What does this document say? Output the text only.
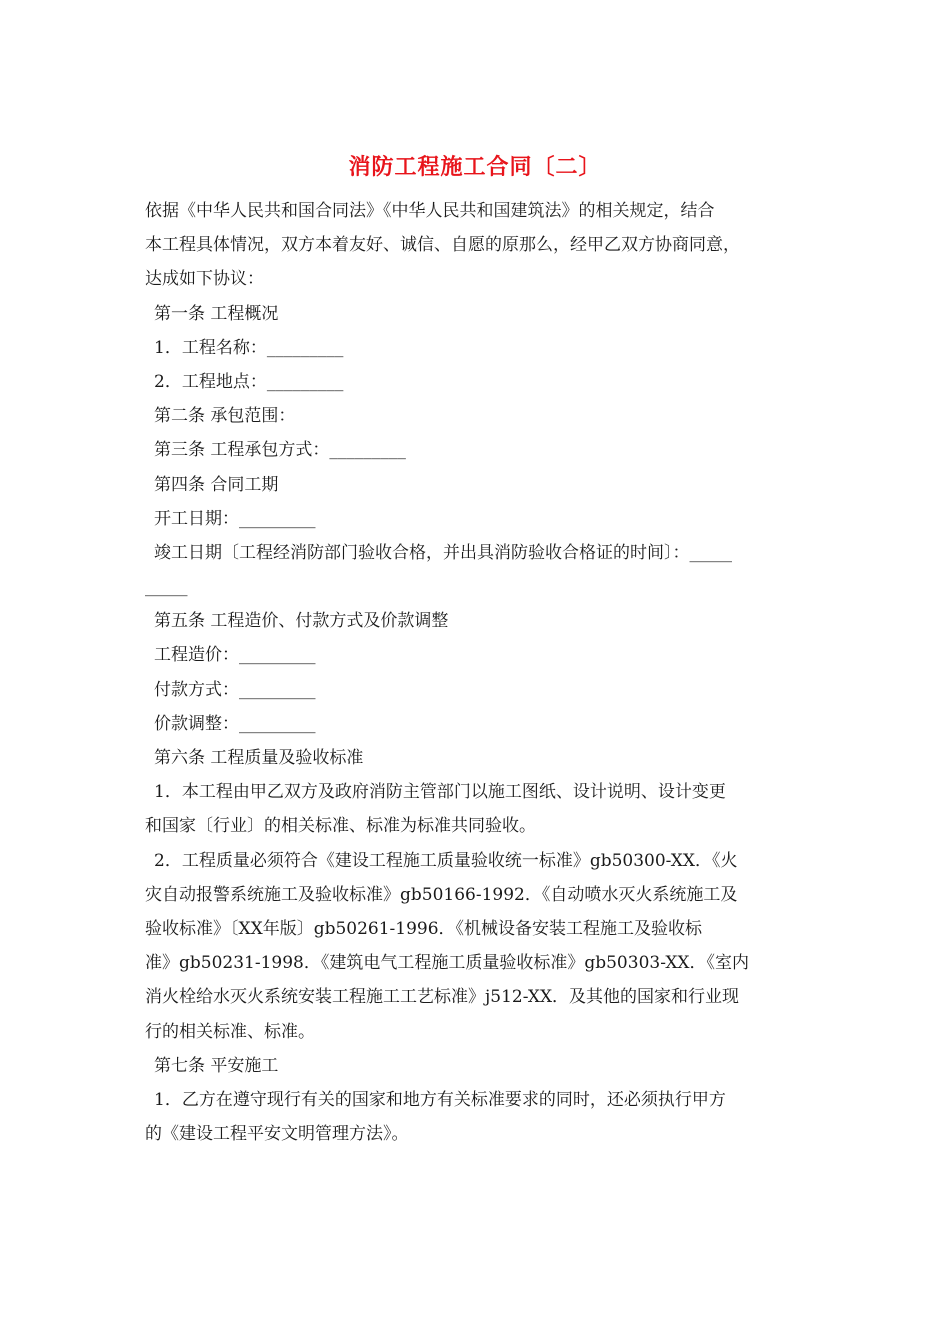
消防工程施工合同〔二〕
依据《中华人民共和国合同法》《中华人民共和国建筑法》的相关规定，结合
本工程具体情况，双方本着友好、诚信、自愿的原那么，经甲乙双方协商同意，
达成如下协议：
第一条 工程概况
1．工程名称：_________
2．工程地点：_________
第二条 承包范围：
第三条 工程承包方式：_________
第四条 合同工期
开工日期：_________
竣工日期〔工程经消防部门验收合格，并出具消防验收合格证的时间〕：_____
_____
第五条 工程造价、付款方式及价款调整
工程造价：_________
付款方式：_________
价款调整：_________
第六条 工程质量及验收标准
1．本工程由甲乙双方及政府消防主管部门以施工图纸、设计说明、设计变更
和国家〔行业〕的相关标准、标准为标准共同验收。
2．工程质量必须符合《建设工程施工质量验收统一标准》gb50300-XX．《火
灾自动报警系统施工及验收标准》gb50166-1992．《自动喷水灭火系统施工及
验收标准》〔XX年版〕gb50261-1996．《机械设备安装工程施工及验收标
准》gb50231-1998．《建筑电气工程施工质量验收标准》gb50303-XX．《室内
消火栓给水灭火系统安装工程施工工艺标准》j512-XX．及其他的国家和行业现
行的相关标准、标准。
第七条 平安施工
1．乙方在遵守现行有关的国家和地方有关标准要求的同时，还必须执行甲方
的《建设工程平安文明管理方法》。
